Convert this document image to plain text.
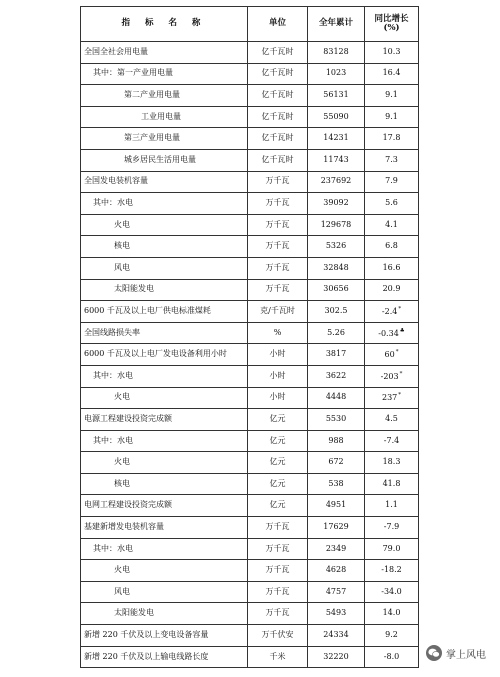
指 标 名 称	单位	全年累计	同比增长
(%)
全国全社会用电量	亿千瓦时	83128	10.3
其中：第一产业用电量	亿千瓦时	1023	16.4
第二产业用电量	亿千瓦时	56131	9.1
工业用电量	亿千瓦时	55090	9.1
第三产业用电量	亿千瓦时	14231	17.8
城乡居民生活用电量	亿千瓦时	11743	7.3
全国发电装机容量	万千瓦	237692	7.9
其中：水电	万千瓦	39092	5.6
火电	万千瓦	129678	4.1
核电	万千瓦	5326	6.8
风电	万千瓦	32848	16.6
太阳能发电	万千瓦	30656	20.9
6000 千瓦及以上电厂供电标准煤耗	克/千瓦时	302.5	-2.4*
全国线路损失率	%	5.26	-0.34♣
6000 千瓦及以上电厂发电设备利用小时	小时	3817	60*
其中：水电	小时	3622	-203*
火电	小时	4448	237*
电源工程建设投资完成额	亿元	5530	4.5
其中：水电	亿元	988	-7.4
火电	亿元	672	18.3
核电	亿元	538	41.8
电网工程建设投资完成额	亿元	4951	1.1
基建新增发电装机容量	万千瓦	17629	-7.9
其中：水电	万千瓦	2349	79.0
火电	万千瓦	4628	-18.2
风电	万千瓦	4757	-34.0
太阳能发电	万千瓦	5493	14.0
新增 220 千伏及以上变电设备容量	万千伏安	24334	9.2
新增 220 千伏及以上输电线路长度	千米	32220	-8.0	掌上风电
